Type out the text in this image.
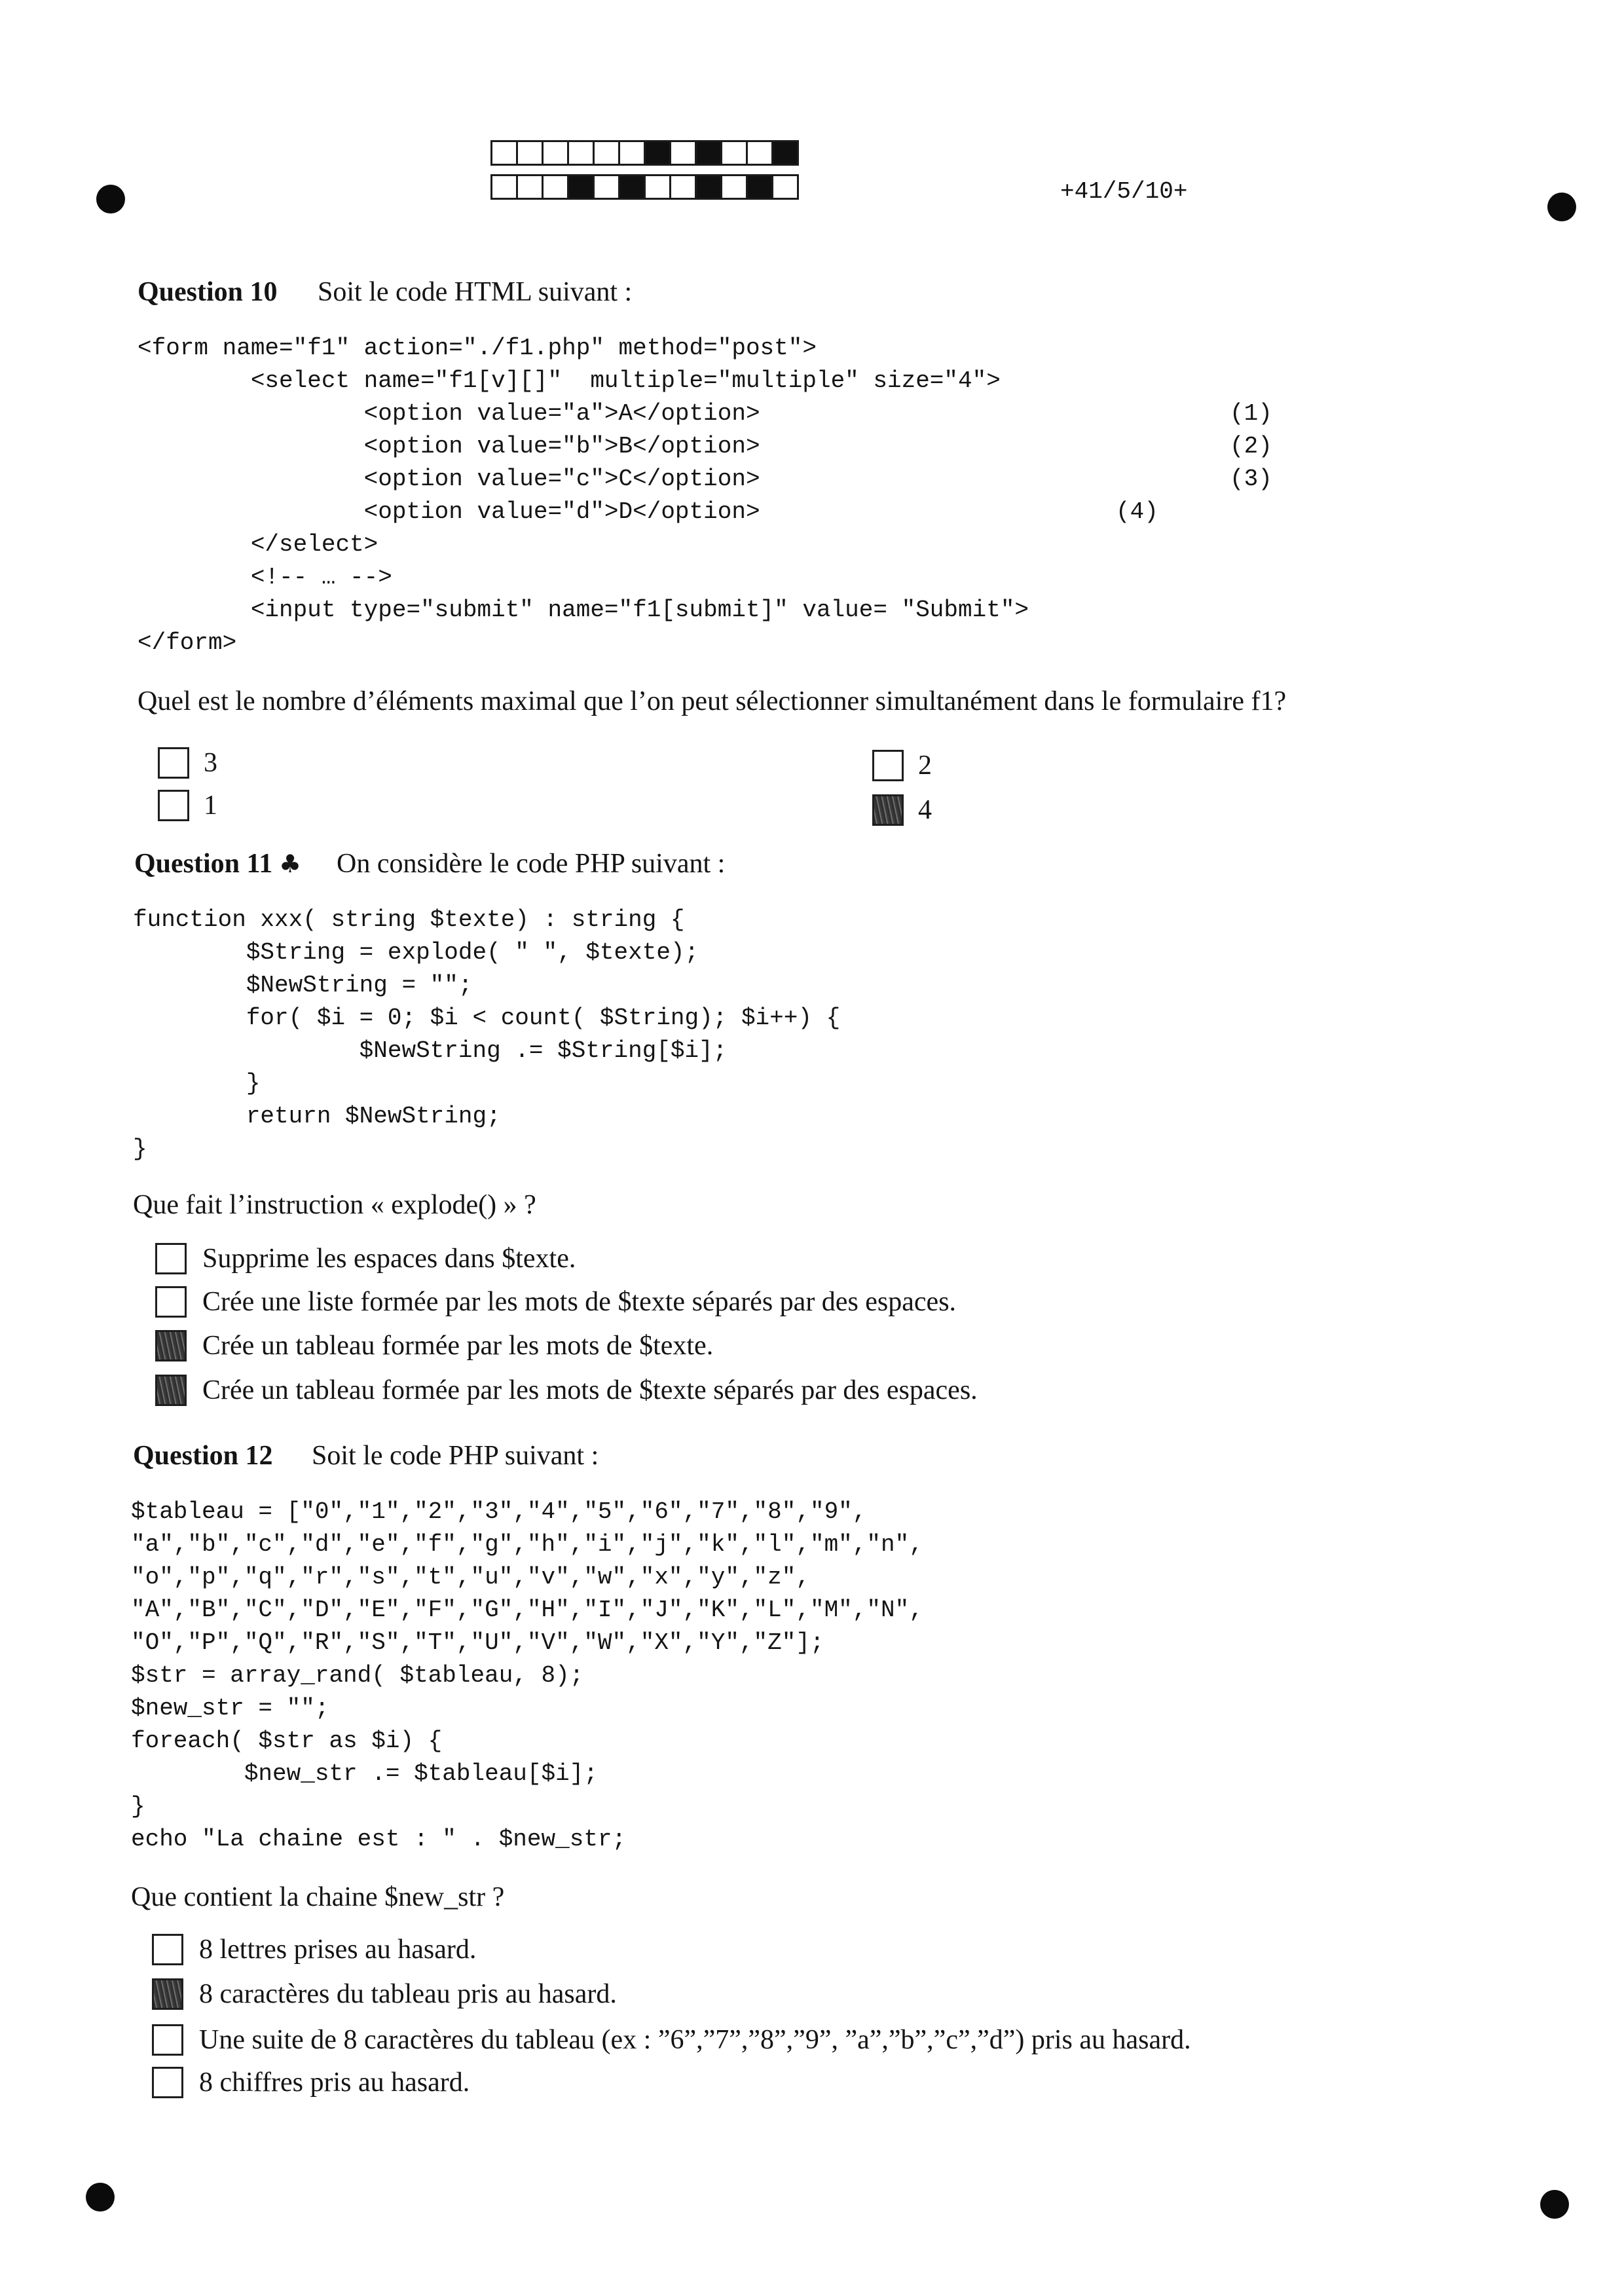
+41/5/10+
Question 10 Soit le code HTML suivant :
<form name="f1" action="./f1.php" method="post">
<select name="f1[v][]"  multiple="multiple" size="4">
<option value="a">A</option>
<option value="b">B</option>
<option value="c">C</option>
<option value="d">D</option>
</select>
<!-- … -->
<input type="submit" name="f1[submit]" value= "Submit">
</form>
(1)
(2)
(3)
(4)
Quel est le nombre d’éléments maximal que l’on peut sélectionner simultanément dans le formulaire f1?
3	2
1	4
Question 11 ♣ On considère le code PHP suivant :
function xxx( string $texte) : string {
$String = explode( " ", $texte);
$NewString = "";
for( $i = 0; $i < count( $String); $i++) {
$NewString .= $String[$i];
}
return $NewString;
}
Que fait l’instruction « explode() » ?
Supprime les espaces dans $texte.
Crée une liste formée par les mots de $texte séparés par des espaces.
Crée un tableau formée par les mots de $texte.
Crée un tableau formée par les mots de $texte séparés par des espaces.
Question 12 Soit le code PHP suivant :
$tableau = ["0","1","2","3","4","5","6","7","8","9",
"a","b","c","d","e","f","g","h","i","j","k","l","m","n",
"o","p","q","r","s","t","u","v","w","x","y","z",
"A","B","C","D","E","F","G","H","I","J","K","L","M","N",
"O","P","Q","R","S","T","U","V","W","X","Y","Z"];
$str = array_rand( $tableau, 8);
$new_str = "";
foreach( $str as $i) {
$new_str .= $tableau[$i];
}
echo "La chaine est : " . $new_str;
Que contient la chaine $new_str ?
8 lettres prises au hasard.
8 caractères du tableau pris au hasard.
Une suite de 8 caractères du tableau (ex : ”6”,”7”,”8”,”9”, ”a”,”b”,”c”,”d”) pris au hasard.
8 chiffres pris au hasard.
